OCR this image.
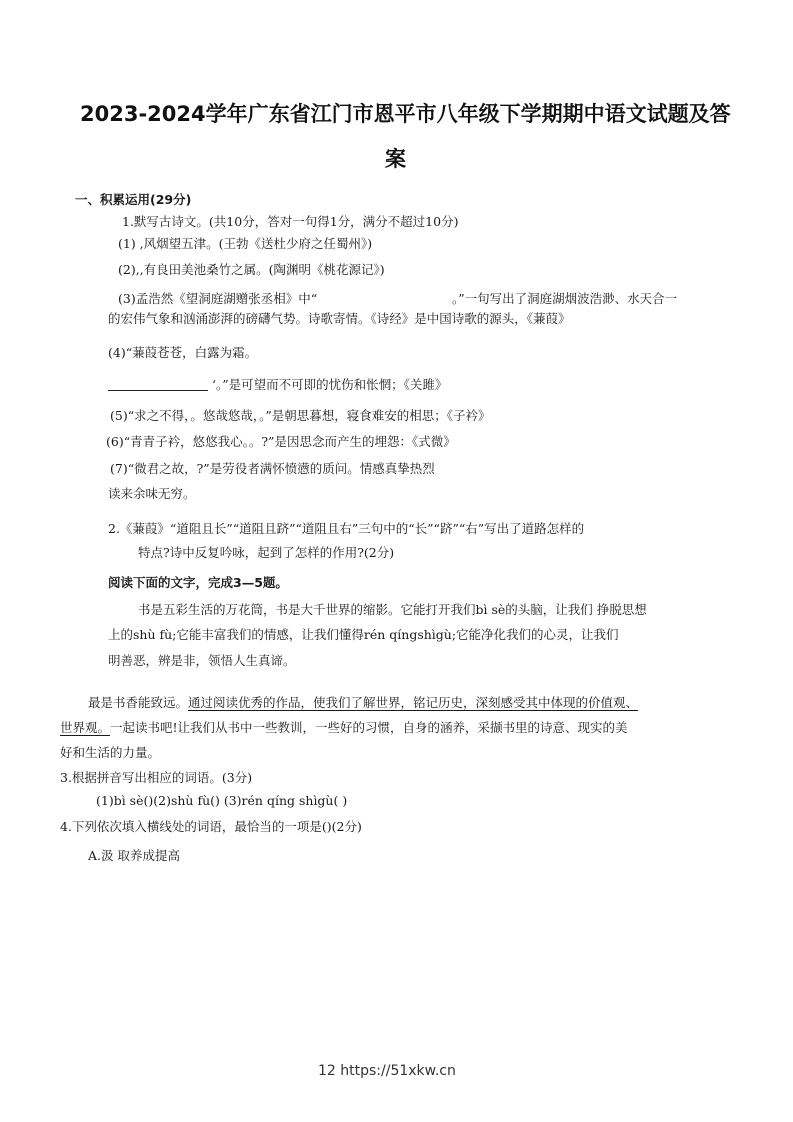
2023-2024学年广东省江门市恩平市八年级下学期期中语文试题及答
案
一、积累运用(29分)
1.默写古诗文。(共10分，答对一句得1分，满分不超过10分)
(1) ,风烟望五津。(王勃《送杜少府之任蜀州》)
(2),,有良田美池桑竹之属。(陶渊明《桃花源记》)
(3)孟浩然《望洞庭湖赠张丞相》中“	。”一句写出了洞庭湖烟波浩渺、水天合一
的宏伟气象和汹涌澎湃的磅礴气势。诗歌寄情。《诗经》是中国诗歌的源头，《蒹葭》
(4)“蒹葭苍苍，白露为霜。
‘。”是可望而不可即的忧伤和怅惘；《关雎》
(5)“求之不得，。悠哉悠哉，。”是朝思暮想，寝食难安的相思；《子衿》
(6)“青青子衿，悠悠我心。。?”是因思念而产生的埋怨：《式微》
(7)“微君之故，?”是劳役者满怀愤懑的质问。情感真挚热烈
读来余味无穷。
2.《蒹葭》“道阻且长”“道阻且跻”“道阻且右”三句中的“长”“跻”“右”写出了道路怎样的
特点?诗中反复吟咏，起到了怎样的作用?(2分)
阅读下面的文字，完成3—5题。
书是五彩生活的万花筒，书是大千世界的缩影。它能打开我们bì sè的头脑，让我们 挣脱思想
上的shù fù;它能丰富我们的情感，让我们懂得rén qíngshìgù;它能净化我们的心灵，让我们
明善恶，辨是非，领悟人生真谛。
最是书香能致远。通过阅读优秀的作品，使我们了解世界，铭记历史，深刻感受其中体现的价值观、
世界观。一起读书吧!让我们从书中一些教训，一些好的习惯，自身的涵养，采撷书里的诗意、现实的美
好和生活的力量。
3.根据拼音写出相应的词语。(3分)
(1)bì sè()(2)shù fù() (3)rén qíng shìgù( )
4.下列依次填入横线处的词语，最恰当的一项是()(2分)
A.汲 取养成提高
12 https://51xkw.cn
